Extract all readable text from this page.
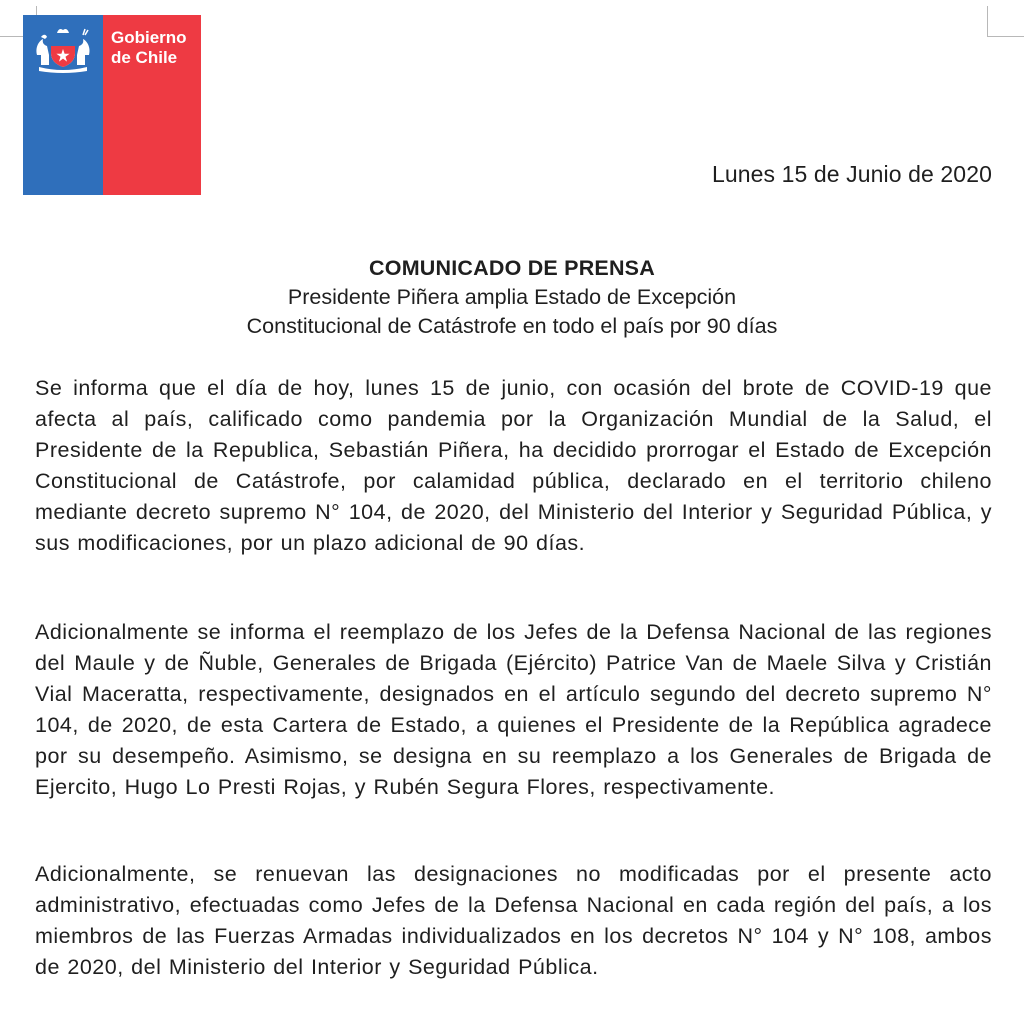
Gobierno
de Chile
Lunes 15 de Junio de 2020
COMUNICADO DE PRENSA
Presidente Piñera amplia Estado de Excepción
Constitucional de Catástrofe en todo el país por 90 días
Se informa que el día de hoy, lunes 15 de junio, con ocasión del brote de COVID-19 que afecta al país, calificado como pandemia por la Organización Mundial de la Salud, el Presidente de la Republica, Sebastián Piñera, ha decidido prorrogar el Estado de Excepción Constitucional de Catástrofe, por calamidad pública, declarado en el territorio chileno mediante decreto supremo N° 104, de 2020, del Ministerio del Interior y Seguridad Pública, y sus modificaciones, por un plazo adicional de 90 días.
Adicionalmente se informa el reemplazo de los Jefes de la Defensa Nacional de las regiones del Maule y de Ñuble, Generales de Brigada (Ejército) Patrice Van de Maele Silva y Cristián Vial Maceratta, respectivamente, designados en el artículo segundo del decreto supremo N° 104, de 2020, de esta Cartera de Estado, a quienes el Presidente de la República agradece por su desempeño. Asimismo, se designa en su reemplazo a los Generales de Brigada de Ejercito, Hugo Lo Presti Rojas, y Rubén Segura Flores, respectivamente.
Adicionalmente, se renuevan las designaciones no modificadas por el presente acto administrativo, efectuadas como Jefes de la Defensa Nacional en cada región del país, a los miembros de las Fuerzas Armadas individualizados en los decretos N° 104 y N° 108, ambos de 2020, del Ministerio del Interior y Seguridad Pública.
